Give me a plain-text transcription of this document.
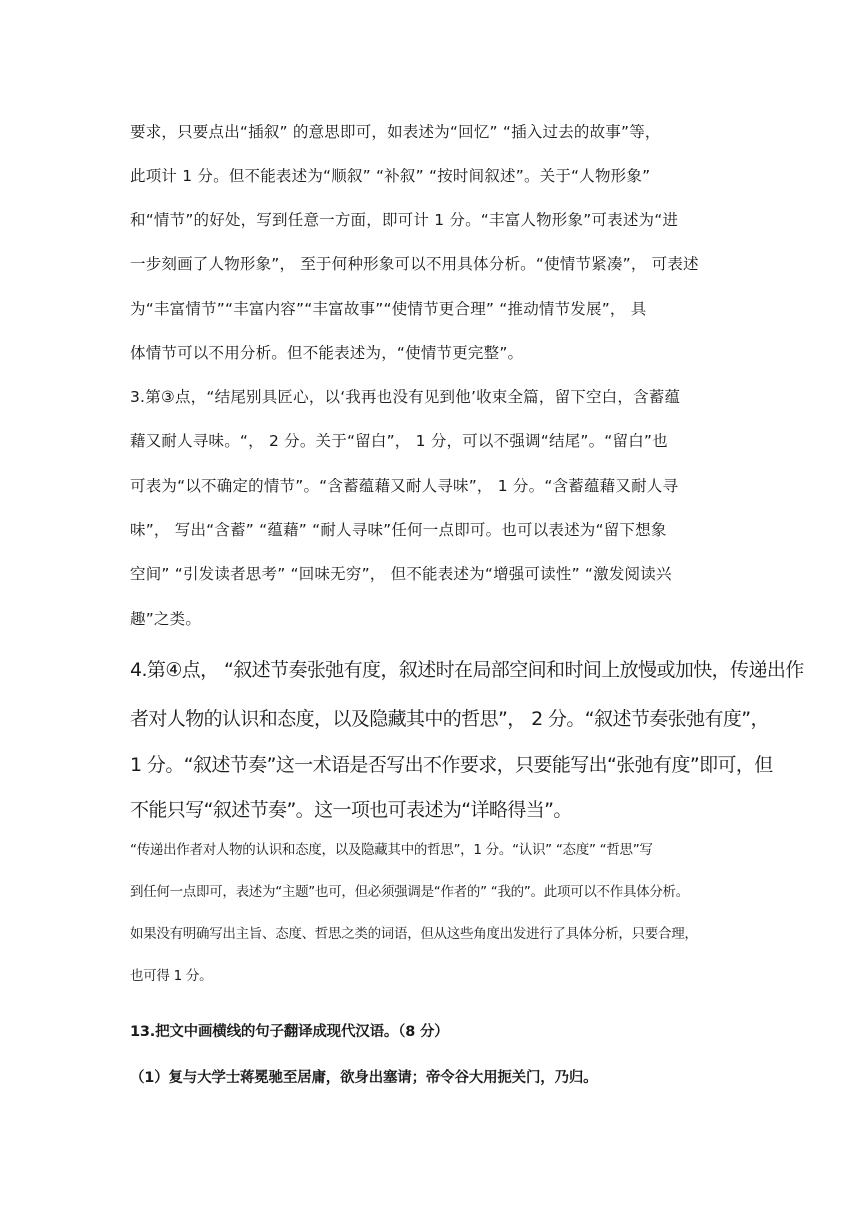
要求，只要点出“插叙” 的意思即可，如表述为“回忆” “插入过去的故事”等，
此项计 1 分。但不能表述为“顺叙” “补叙” “按时间叙述”。关于“人物形象”
和“情节”的好处，写到任意一方面，即可计 1 分。“丰富人物形象”可表述为“进
一步刻画了人物形象”， 至于何种形象可以不用具体分析。“使情节紧凑”， 可表述
为“丰富情节”“丰富内容”“丰富故事”“使情节更合理” “推动情节发展”， 具
体情节可以不用分析。但不能表述为，“使情节更完整”。
3.第③点，“结尾别具匠心，以‘我再也没有见到他’收束全篇，留下空白，含蓄蕴
藉又耐人寻味。“， 2 分。关于“留白”， 1 分，可以不强调“结尾”。“留白”也
可表为“以不确定的情节”。“含蓄蕴藉又耐人寻味”， 1 分。“含蓄蕴藉又耐人寻
味”， 写出“含蓄” “蕴藉” “耐人寻味”任何一点即可。也可以表述为“留下想象
空间” “引发读者思考” “回味无穷”， 但不能表述为“增强可读性” “激发阅读兴
趣”之类。
4.第④点， “叙述节奏张弛有度，叙述时在局部空间和时间上放慢或加快，传递出作
者对人物的认识和态度，以及隐藏其中的哲思”， 2 分。“叙述节奏张弛有度”，
1 分。“叙述节奏”这一术语是否写出不作要求，只要能写出“张弛有度”即可，但
不能只写“叙述节奏”。这一项也可表述为“详略得当”。
“传递出作者对人物的认识和态度，以及隐藏其中的哲思”，1 分。“认识” “态度” “哲思”写
到任何一点即可，表述为“主题”也可，但必须强调是“作者的” “我的”。此项可以不作具体分析。
如果没有明确写出主旨、态度、哲思之类的词语，但从这些角度出发进行了具体分析，只要合理，
也可得 1 分。
13.把文中画横线的句子翻译成现代汉语。（8 分）
（1）复与大学士蒋冕驰至居庸，欲身出塞请；帝令谷大用扼关门，乃归。
